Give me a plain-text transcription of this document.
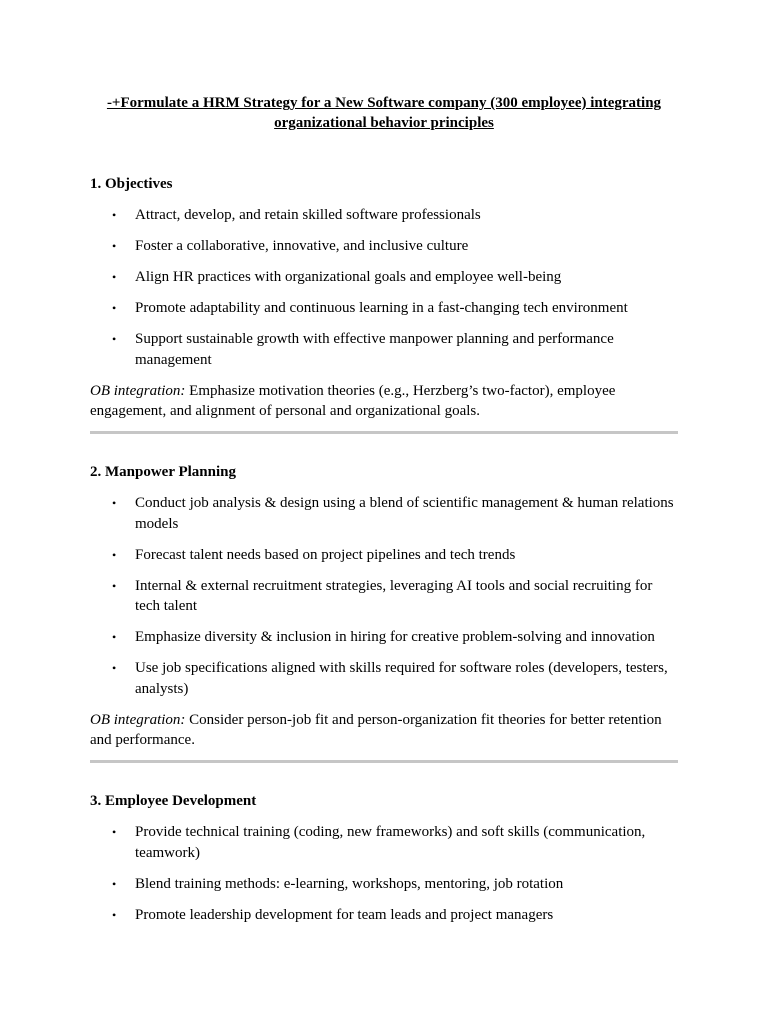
-+Formulate a HRM Strategy for a New Software company (300 employee) integrating
organizational behavior principles

1. Objectives

• Attract, develop, and retain skilled software professionals
• Foster a collaborative, innovative, and inclusive culture
• Align HR practices with organizational goals and employee well-being
• Promote adaptability and continuous learning in a fast-changing tech environment
• Support sustainable growth with effective manpower planning and performance management

OB integration: Emphasize motivation theories (e.g., Herzberg’s two-factor), employee engagement, and alignment of personal and organizational goals.

2. Manpower Planning

• Conduct job analysis & design using a blend of scientific management & human relations models
• Forecast talent needs based on project pipelines and tech trends
• Internal & external recruitment strategies, leveraging AI tools and social recruiting for tech talent
• Emphasize diversity & inclusion in hiring for creative problem-solving and innovation
• Use job specifications aligned with skills required for software roles (developers, testers, analysts)

OB integration: Consider person-job fit and person-organization fit theories for better retention and performance.

3. Employee Development

• Provide technical training (coding, new frameworks) and soft skills (communication, teamwork)
• Blend training methods: e-learning, workshops, mentoring, job rotation
• Promote leadership development for team leads and project managers
